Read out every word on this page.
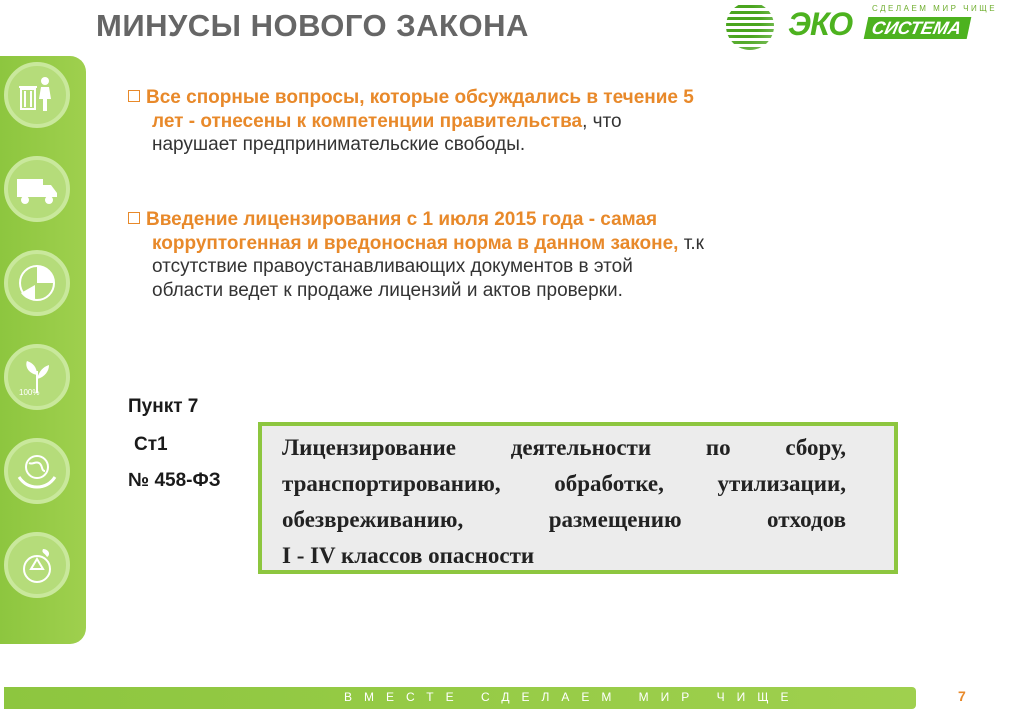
МИНУСЫ НОВОГО ЗАКОНА	СДЕЛАЕМ МИР ЧИЩЕ
ЭКО СИСТЕМА
100%
Все спорные вопросы, которые обсуждались в течение 5
лет - отнесены к компетенции правительства, что
нарушает предпринимательские свободы.
Введение лицензирования с 1 июля 2015 года - самая
корруптогенная и вредоносная норма в данном законе, т.к
отсутствие правоустанавливающих документов в этой
области ведет к продаже лицензий и актов проверки.
Пункт 7
Ст1
№ 458-ФЗ
Лицензирование деятельности по сбору,
транспортированию, обработке, утилизации,
обезвреживанию, размещению отходов
I - IV классов опасности
ВМЕСТЕ СДЕЛАЕМ МИР ЧИЩЕ	7
